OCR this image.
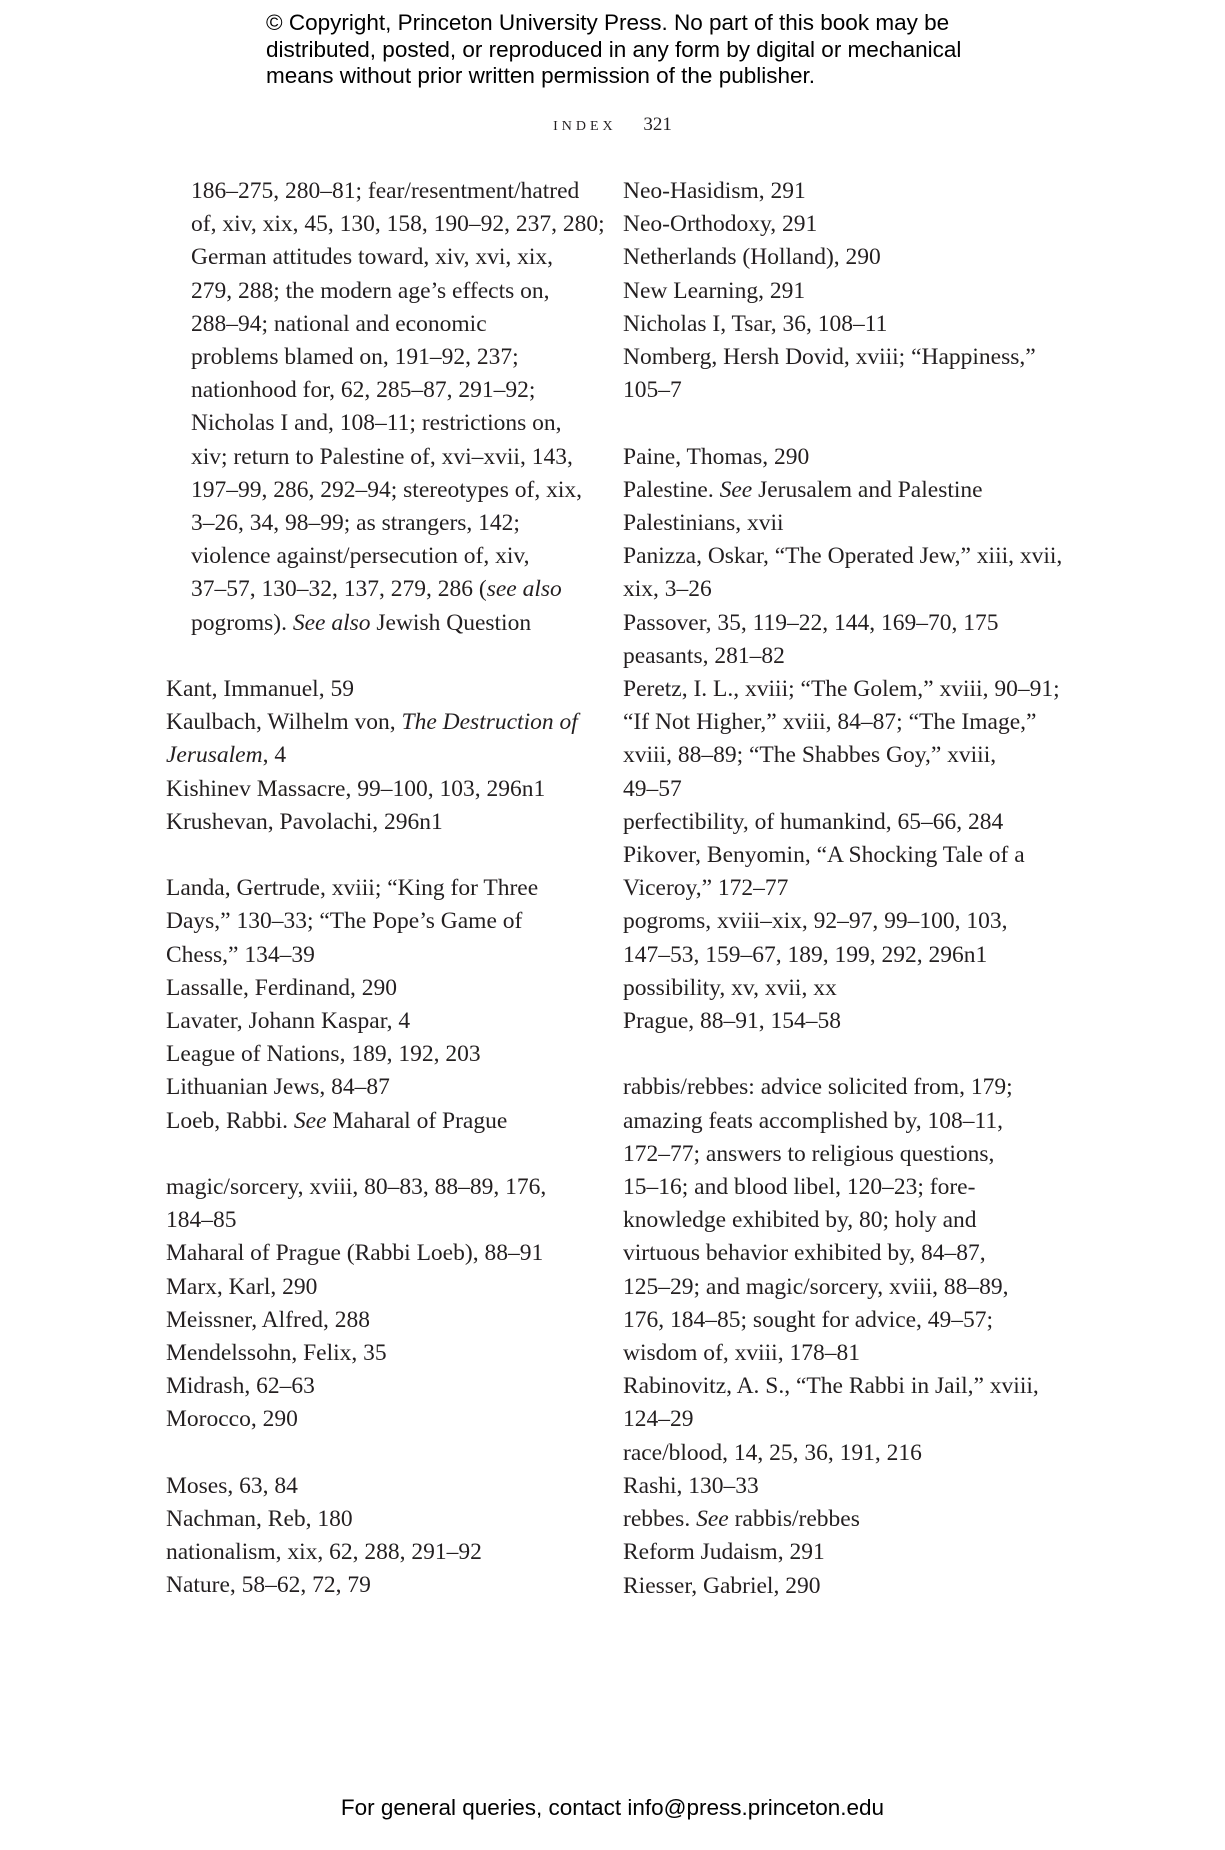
© Copyright, Princeton University Press. No part of this book may be
distributed, posted, or reproduced in any form by digital or mechanical
means without prior written permission of the publisher.
index 321
186–275, 280–81; fear/resentment/hatred
of, xiv, xix, 45, 130, 158, 190–92, 237, 280;
German attitudes toward, xiv, xvi, xix,
279, 288; the modern age’s effects on,
288–94; national and economic
problems blamed on, 191–92, 237;
nationhood for, 62, 285–87, 291–92;
Nicholas I and, 108–11; restrictions on,
xiv; return to Palestine of, xvi–xvii, 143,
197–99, 286, 292–94; stereotypes of, xix,
3–26, 34, 98–99; as strangers, 142;
violence against/persecution of, xiv,
37–57, 130–32, 137, 279, 286 (see also
pogroms). See also Jewish Question
Kant, Immanuel, 59
Kaulbach, Wilhelm von, The Destruction of
Jerusalem, 4
Kishinev Massacre, 99–100, 103, 296n1
Krushevan, Pavolachi, 296n1
Landa, Gertrude, xviii; “King for Three
Days,” 130–33; “The Pope’s Game of
Chess,” 134–39
Lassalle, Ferdinand, 290
Lavater, Johann Kaspar, 4
League of Nations, 189, 192, 203
Lithuanian Jews, 84–87
Loeb, Rabbi. See Maharal of Prague
magic/sorcery, xviii, 80–83, 88–89, 176,
184–85
Maharal of Prague (Rabbi Loeb), 88–91
Marx, Karl, 290
Meissner, Alfred, 288
Mendelssohn, Felix, 35
Midrash, 62–63
Morocco, 290
Moses, 63, 84
Nachman, Reb, 180
nationalism, xix, 62, 288, 291–92
Nature, 58–62, 72, 79
Neo-Hasidism, 291
Neo-Orthodoxy, 291
Netherlands (Holland), 290
New Learning, 291
Nicholas I, Tsar, 36, 108–11
Nomberg, Hersh Dovid, xviii; “Happiness,”
105–7
Paine, Thomas, 290
Palestine. See Jerusalem and Palestine
Palestinians, xvii
Panizza, Oskar, “The Operated Jew,” xiii, xvii,
xix, 3–26
Passover, 35, 119–22, 144, 169–70, 175
peasants, 281–82
Peretz, I. L., xviii; “The Golem,” xviii, 90–91;
“If Not Higher,” xviii, 84–87; “The Image,”
xviii, 88–89; “The Shabbes Goy,” xviii,
49–57
perfectibility, of humankind, 65–66, 284
Pikover, Benyomin, “A Shocking Tale of a
Viceroy,” 172–77
pogroms, xviii–xix, 92–97, 99–100, 103,
147–53, 159–67, 189, 199, 292, 296n1
possibility, xv, xvii, xx
Prague, 88–91, 154–58
rabbis/rebbes: advice solicited from, 179;
amazing feats accomplished by, 108–11,
172–77; answers to religious questions,
15–16; and blood libel, 120–23; fore-
knowledge exhibited by, 80; holy and
virtuous behavior exhibited by, 84–87,
125–29; and magic/sorcery, xviii, 88–89,
176, 184–85; sought for advice, 49–57;
wisdom of, xviii, 178–81
Rabinovitz, A. S., “The Rabbi in Jail,” xviii,
124–29
race/blood, 14, 25, 36, 191, 216
Rashi, 130–33
rebbes. See rabbis/rebbes
Reform Judaism, 291
Riesser, Gabriel, 290
For general queries, contact info@press.princeton.edu
